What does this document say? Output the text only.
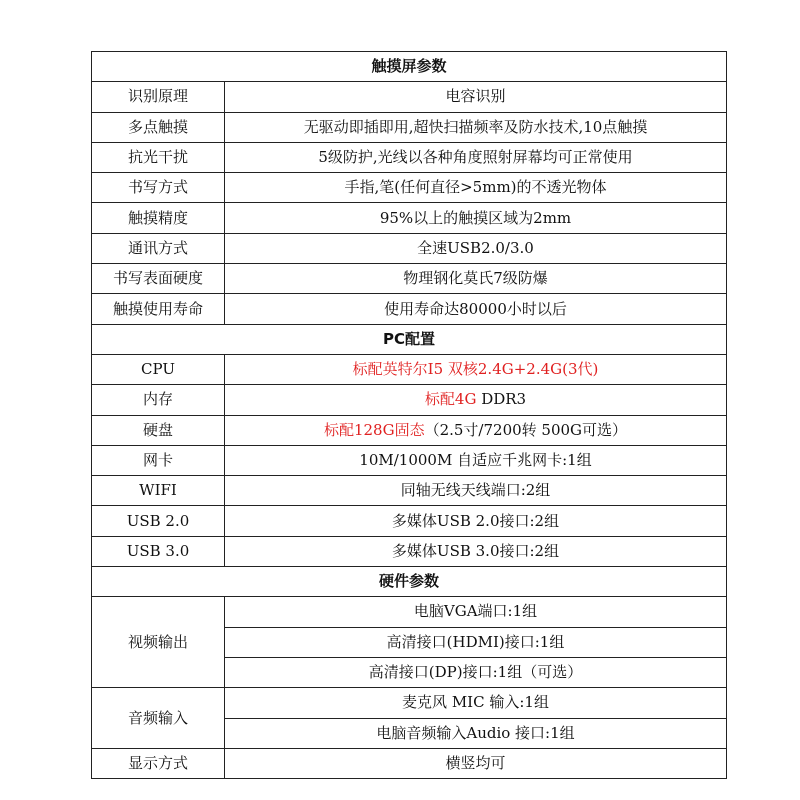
触摸屏参数	
识别原理	电容识别
多点触摸	无驱动即插即用,超快扫描频率及防水技术,10点触摸
抗光干扰	5级防护,光线以各种角度照射屏幕均可正常使用
书写方式	手指,笔(任何直径>5mm)的不透光物体
触摸精度	95%以上的触摸区域为2mm
通讯方式	全速USB2.0/3.0
书写表面硬度	物理钢化莫氏7级防爆
触摸使用寿命	使用寿命达80000小时以后
PC配置	
CPU	标配英特尔I5 双核2.4G+2.4G(3代)
内存	标配4G DDR3
硬盘	标配128G固态（2.5寸/7200转 500G可选）
网卡	10M/1000M 自适应千兆网卡:1组
WIFI	同轴无线天线端口:2组
USB 2.0	多媒体USB 2.0接口:2组
USB 3.0	多媒体USB 3.0接口:2组
硬件参数	
视频输出	电脑VGA端口:1组
	高清接口(HDMI)接口:1组
	高清接口(DP)接口:1组（可选）
音频输入	麦克风 MIC 输入:1组
	电脑音频输入Audio 接口:1组
显示方式	横竖均可
